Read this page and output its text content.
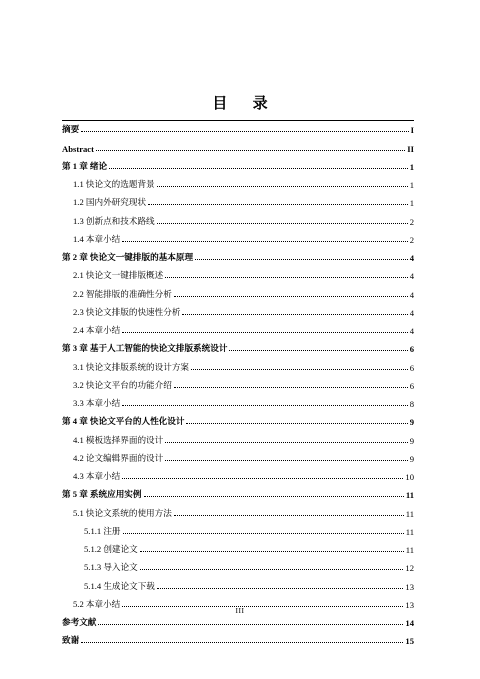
目 录
摘要	I
Abstract	II
第 1 章 绪论	1
1.1 快论文的选题背景	1
1.2 国内外研究现状	1
1.3 创新点和技术路线	2
1.4 本章小结	2
第 2 章 快论文一键排版的基本原理	4
2.1 快论文一键排版概述	4
2.2 智能排版的准确性分析	4
2.3 快论文排版的快速性分析	4
2.4 本章小结	4
第 3 章 基于人工智能的快论文排版系统设计	6
3.1 快论文排版系统的设计方案	6
3.2 快论文平台的功能介绍	6
3.3 本章小结	8
第 4 章 快论文平台的人性化设计	9
4.1 模板选择界面的设计	9
4.2 论文编辑界面的设计	9
4.3 本章小结	10
第 5 章 系统应用实例	11
5.1 快论文系统的使用方法	11
5.1.1 注册	11
5.1.2 创建论文	11
5.1.3 导入论文	12
5.1.4 生成论文下载	13
5.2 本章小结	13
参考文献	14
致谢	15
III
